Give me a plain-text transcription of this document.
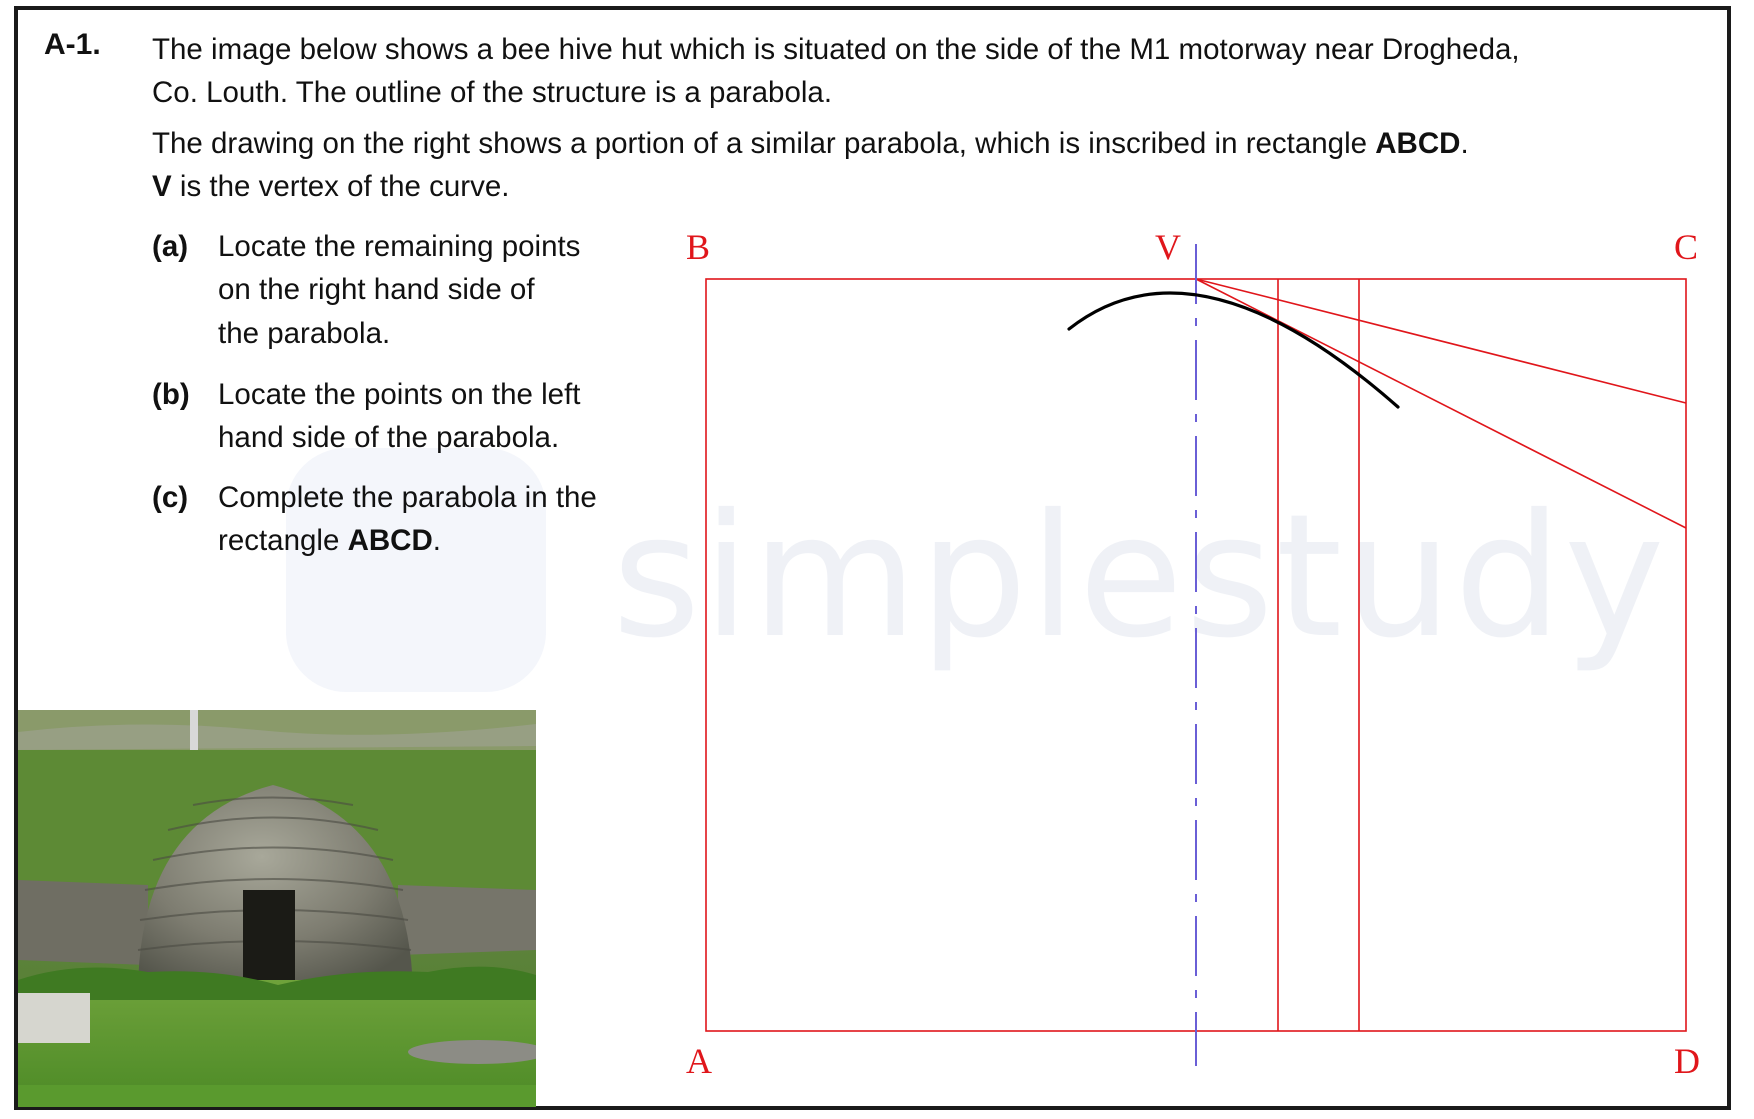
simplestudy
A-1. The image below shows a bee hive hut which is situated on the side of the M1 motorway near Drogheda,
Co. Louth. The outline of the structure is a parabola.
The drawing on the right shows a portion of a similar parabola, which is inscribed in rectangle ABCD.
V is the vertex of the curve.
(a) Locate the remaining points
on the right hand side of
the parabola.
(b) Locate the points on the left
hand side of the parabola.
(c) Complete the parabola in the
rectangle ABCD.
B	V	C
A	D
